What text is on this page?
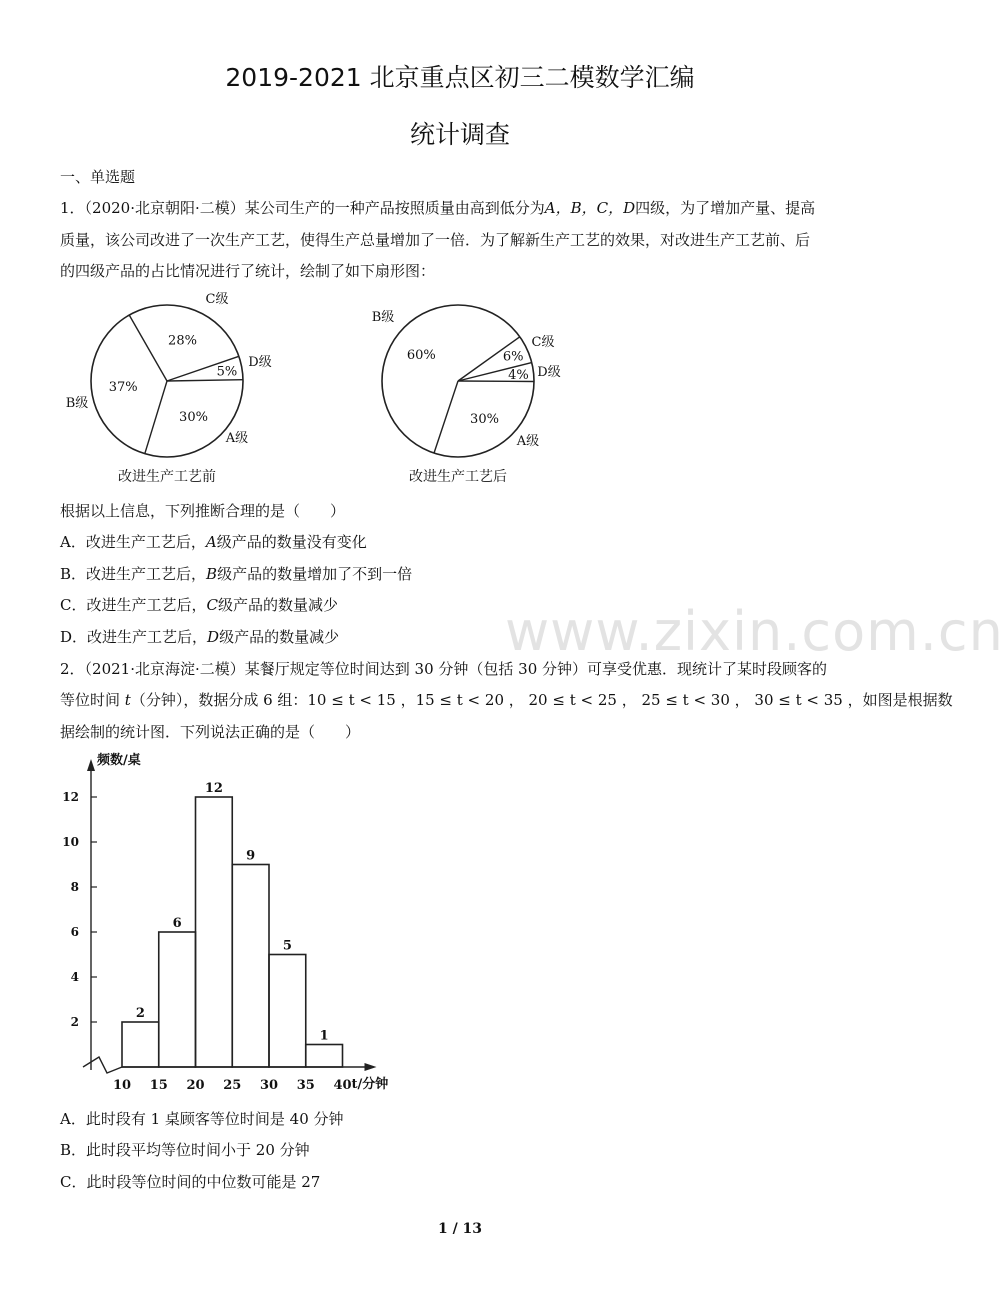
2019-2021 北京重点区初三二模数学汇编
统计调查
一、单选题
1．（2020·北京朝阳·二模）某公司生产的一种产品按照质量由高到低分为A，B，C，D四级，为了增加产量、提高
质量，该公司改进了一次生产工艺，使得生产总量增加了一倍．为了解新生产工艺的效果，对改进生产工艺前、后
的四级产品的占比情况进行了统计，绘制了如下扇形图：
5%
D级
30%
A级
37%
B级
28%
C级
改进生产工艺前
4% D级
30%
A级
60%
B级
6%
C级
改进生产工艺后
根据以上信息，下列推断合理的是（　　）
A．改进生产工艺后，A级产品的数量没有变化
B．改进生产工艺后，B级产品的数量增加了不到一倍
C．改进生产工艺后，C级产品的数量减少
D．改进生产工艺后，D级产品的数量减少	www.zixin.com.cn
2．（2021·北京海淀·二模）某餐厅规定等位时间达到 30 分钟（包括 30 分钟）可享受优惠．现统计了某时段顾客的
等位时间 t（分钟），数据分成 6 组：10 ≤ t < 15 ，15 ≤ t < 20 ， 20 ≤ t < 25 ， 25 ≤ t < 30 ， 30 ≤ t < 35 ，如图是根据数
据绘制的统计图．下列说法正确的是（　　）
2
4
6
8
10
12
频数/桌
10 15 20 25 30 35 40 t/分钟
2
6
12
9
5
1
A．此时段有 1 桌顾客等位时间是 40 分钟
B．此时段平均等位时间小于 20 分钟
C．此时段等位时间的中位数可能是 27
1 / 13
